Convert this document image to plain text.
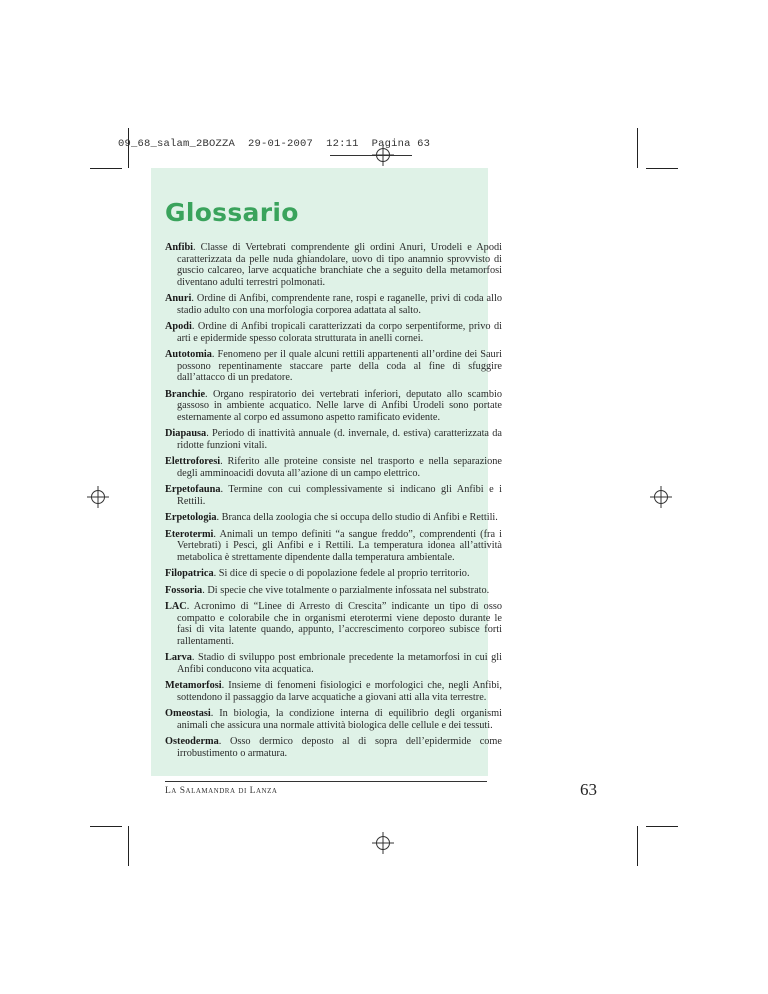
09_68_salam_2BOZZA 29-01-2007 12:11 Pagina 63
Glossario
Anfibi. Classe di Vertebrati comprendente gli ordini Anuri, Urodeli e Apodi caratterizzata da pelle nuda ghiandolare, uovo di tipo anamnio sprovvisto di guscio calcareo, larve acquatiche branchiate che a seguito della metamorfosi diventano adulti terrestri polmonati.
Anuri. Ordine di Anfibi, comprendente rane, rospi e raganelle, privi di coda allo stadio adulto con una morfologia corporea adattata al salto.
Apodi. Ordine di Anfibi tropicali caratterizzati da corpo serpentiforme, privo di arti e epidermide spesso colorata strutturata in anelli cornei.
Autotomia. Fenomeno per il quale alcuni rettili appartenenti all’ordine dei Sauri possono repentinamente staccare parte della coda al fine di sfuggire dall’attacco di un predatore.
Branchie. Organo respiratorio dei vertebrati inferiori, deputato allo scambio gassoso in ambiente acquatico. Nelle larve di Anfibi Urodeli sono portate esternamente al corpo ed assumono aspetto ramificato evidente.
Diapausa. Periodo di inattività annuale (d. invernale, d. estiva) caratterizzata da ridotte funzioni vitali.
Elettroforesi. Riferito alle proteine consiste nel trasporto e nella separazione degli amminoacidi dovuta all’azione di un campo elettrico.
Erpetofauna. Termine con cui complessivamente si indicano gli Anfibi e i Rettili.
Erpetologia. Branca della zoologia che si occupa dello studio di Anfibi e Rettili.
Eterotermi. Animali un tempo definiti “a sangue freddo”, comprendenti (fra i Vertebrati) i Pesci, gli Anfibi e i Rettili. La temperatura idonea all’attività metabolica è strettamente dipendente dalla temperatura ambientale.
Filopatrica. Si dice di specie o di popolazione fedele al proprio territorio.
Fossoria. Di specie che vive totalmente o parzialmente infossata nel substrato.
LAC. Acronimo di “Linee di Arresto di Crescita” indicante un tipo di osso compatto e colorabile che in organismi eterotermi viene deposto durante le fasi di vita latente quando, appunto, l’accrescimento corporeo subisce forti rallentamenti.
Larva. Stadio di sviluppo post embrionale precedente la metamorfosi in cui gli Anfibi conducono vita acquatica.
Metamorfosi. Insieme di fenomeni fisiologici e morfologici che, negli Anfibi, sottendono il passaggio da larve acquatiche a giovani atti alla vita terrestre.
Omeostasi. In biologia, la condizione interna di equilibrio degli organismi animali che assicura una normale attività biologica delle cellule e dei tessuti.
Osteoderma. Osso dermico deposto al di sopra dell’epidermide come irrobustimento o armatura.
La Salamandra di Lanza	63
